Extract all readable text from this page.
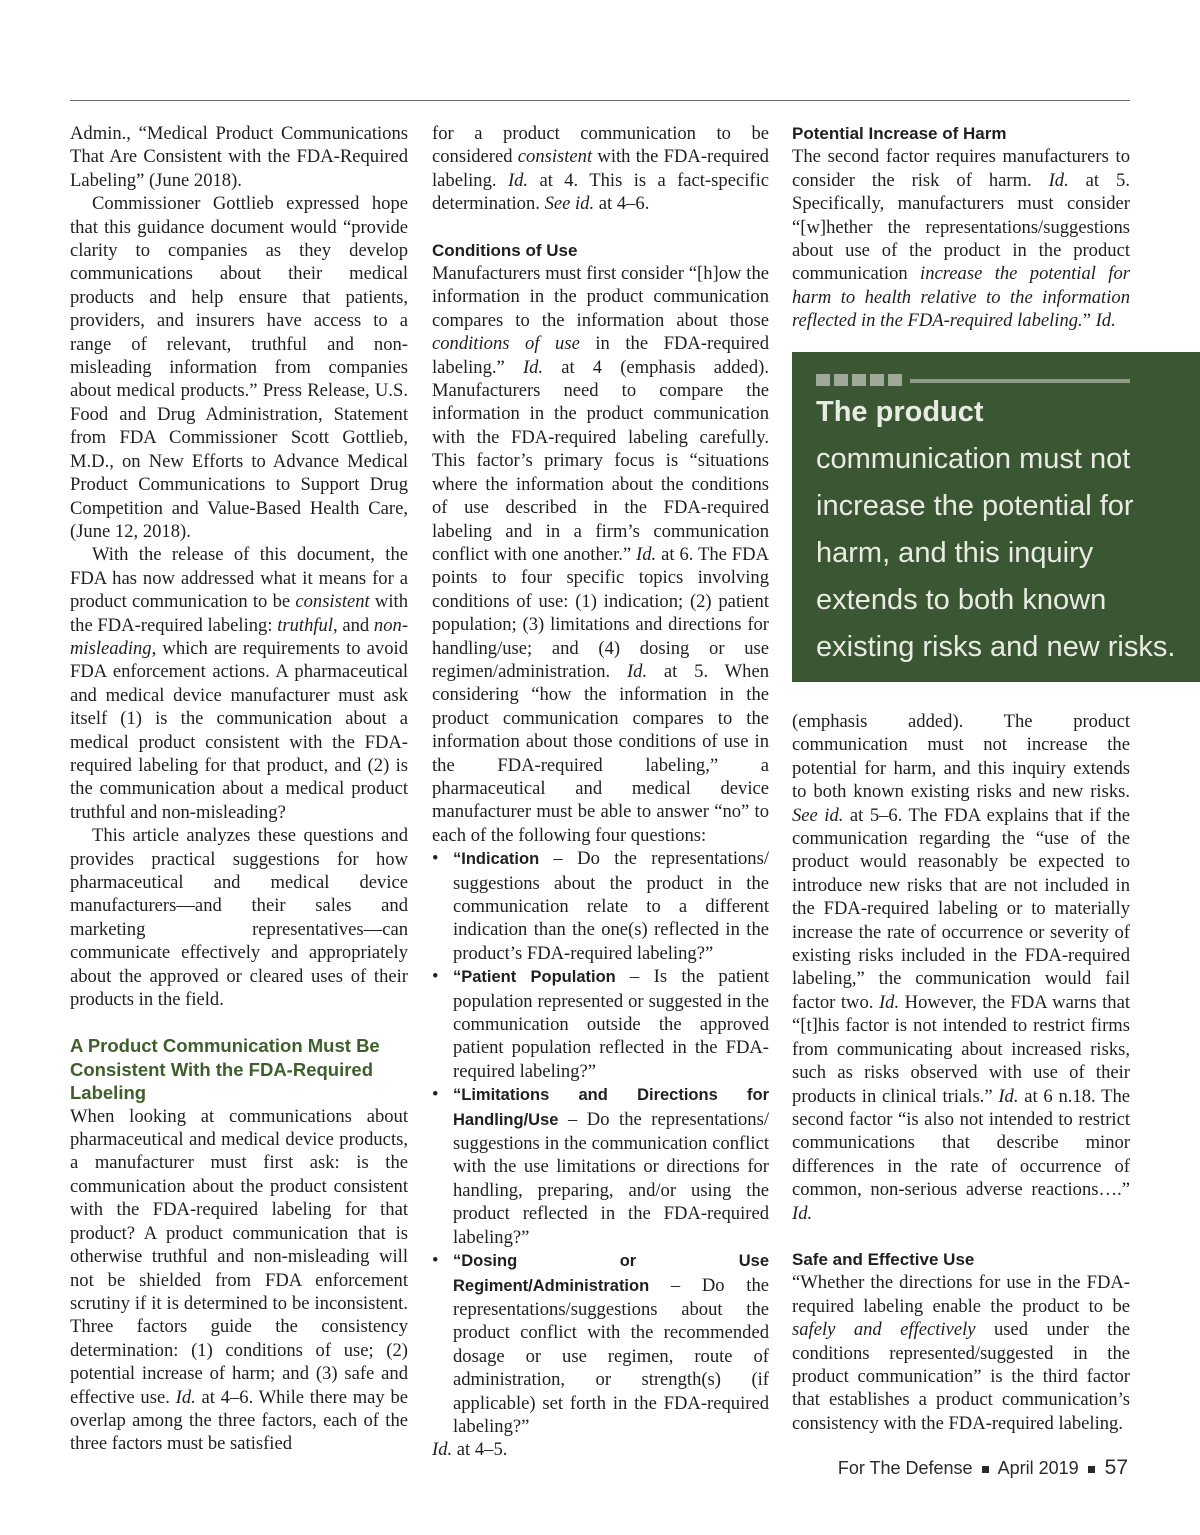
Admin., “Medical Product Communications That Are Consistent with the FDA-Required Labeling” (June 2018).

Commissioner Gottlieb expressed hope that this guidance document would “provide clarity to companies as they develop communications about their medical products and help ensure that patients, providers, and insurers have access to a range of relevant, truthful and non-misleading information from companies about medical products.” Press Release, U.S. Food and Drug Administration, Statement from FDA Commissioner Scott Gottlieb, M.D., on New Efforts to Advance Medical Product Communications to Support Drug Competition and Value-Based Health Care, (June 12, 2018).

With the release of this document, the FDA has now addressed what it means for a product communication to be consistent with the FDA-required labeling: truthful, and non-misleading, which are requirements to avoid FDA enforcement actions. A pharmaceutical and medical device manufacturer must ask itself (1) is the communication about a medical product consistent with the FDA-required labeling for that product, and (2) is the communication about a medical product truthful and non-misleading?

This article analyzes these questions and provides practical suggestions for how pharmaceutical and medical device manufacturers—and their sales and marketing representatives—can communicate effectively and appropriately about the approved or cleared uses of their products in the field.

A Product Communication Must Be Consistent With the FDA-Required Labeling

When looking at communications about pharmaceutical and medical device products, a manufacturer must first ask: is the communication about the product consistent with the FDA-required labeling for that product? A product communication that is otherwise truthful and non-misleading will not be shielded from FDA enforcement scrutiny if it is determined to be inconsistent. Three factors guide the consistency determination: (1) conditions of use; (2) potential increase of harm; and (3) safe and effective use. Id. at 4–6. While there may be overlap among the three factors, each of the three factors must be satisfied

for a product communication to be considered consistent with the FDA-required labeling. Id. at 4. This is a fact-specific determination. See id. at 4–6.

Conditions of Use

Manufacturers must first consider “[h]ow the information in the product communication compares to the information about those conditions of use in the FDA-required labeling.” Id. at 4 (emphasis added). Manufacturers need to compare the information in the product communication with the FDA-required labeling carefully. This factor’s primary focus is “situations where the information about the conditions of use described in the FDA-required labeling and in a firm’s communication conflict with one another.” Id. at 6. The FDA points to four specific topics involving conditions of use: (1) indication; (2) patient population; (3) limitations and directions for handling/use; and (4) dosing or use regimen/administration. Id. at 5. When considering “how the information in the product communication compares to the information about those conditions of use in the FDA-required labeling,” a pharmaceutical and medical device manufacturer must be able to answer “no” to each of the following four questions:

• “Indication – Do the representations/ suggestions about the product in the communication relate to a different indication than the one(s) reflected in the product’s FDA-required labeling?”
• “Patient Population – Is the patient population represented or suggested in the communication outside the approved patient population reflected in the FDA-required labeling?”
• “Limitations and Directions for Handling/Use – Do the representations/ suggestions in the communication conflict with the use limitations or directions for handling, preparing, and/or using the product reflected in the FDA-required labeling?”
• “Dosing or Use Regiment/Administration – Do the representations/suggestions about the product conflict with the recommended dosage or use regimen, route of administration, or strength(s) (if applicable) set forth in the FDA-required labeling?”

Id. at 4–5.

Potential Increase of Harm

The second factor requires manufacturers to consider the risk of harm. Id. at 5. Specifically, manufacturers must consider “[w]hether the representations/suggestions about use of the product in the product communication increase the potential for harm to health relative to the information reflected in the FDA-required labeling.” Id.

The product
communication must not increase the potential for harm, and this inquiry extends to both known existing risks and new risks.

(emphasis added). The product communication must not increase the potential for harm, and this inquiry extends to both known existing risks and new risks. See id. at 5–6. The FDA explains that if the communication regarding the “use of the product would reasonably be expected to introduce new risks that are not included in the FDA-required labeling or to materially increase the rate of occurrence or severity of existing risks included in the FDA-required labeling,” the communication would fail factor two. Id. However, the FDA warns that “[t]his factor is not intended to restrict firms from communicating about increased risks, such as risks observed with use of their products in clinical trials.” Id. at 6 n.18. The second factor “is also not intended to restrict communications that describe minor differences in the rate of occurrence of common, non-serious adverse reactions….” Id.

Safe and Effective Use

“Whether the directions for use in the FDA-required labeling enable the product to be safely and effectively used under the conditions represented/suggested in the product communication” is the third factor that establishes a product communication’s consistency with the FDA-required labeling.

For The Defense April 2019 57
